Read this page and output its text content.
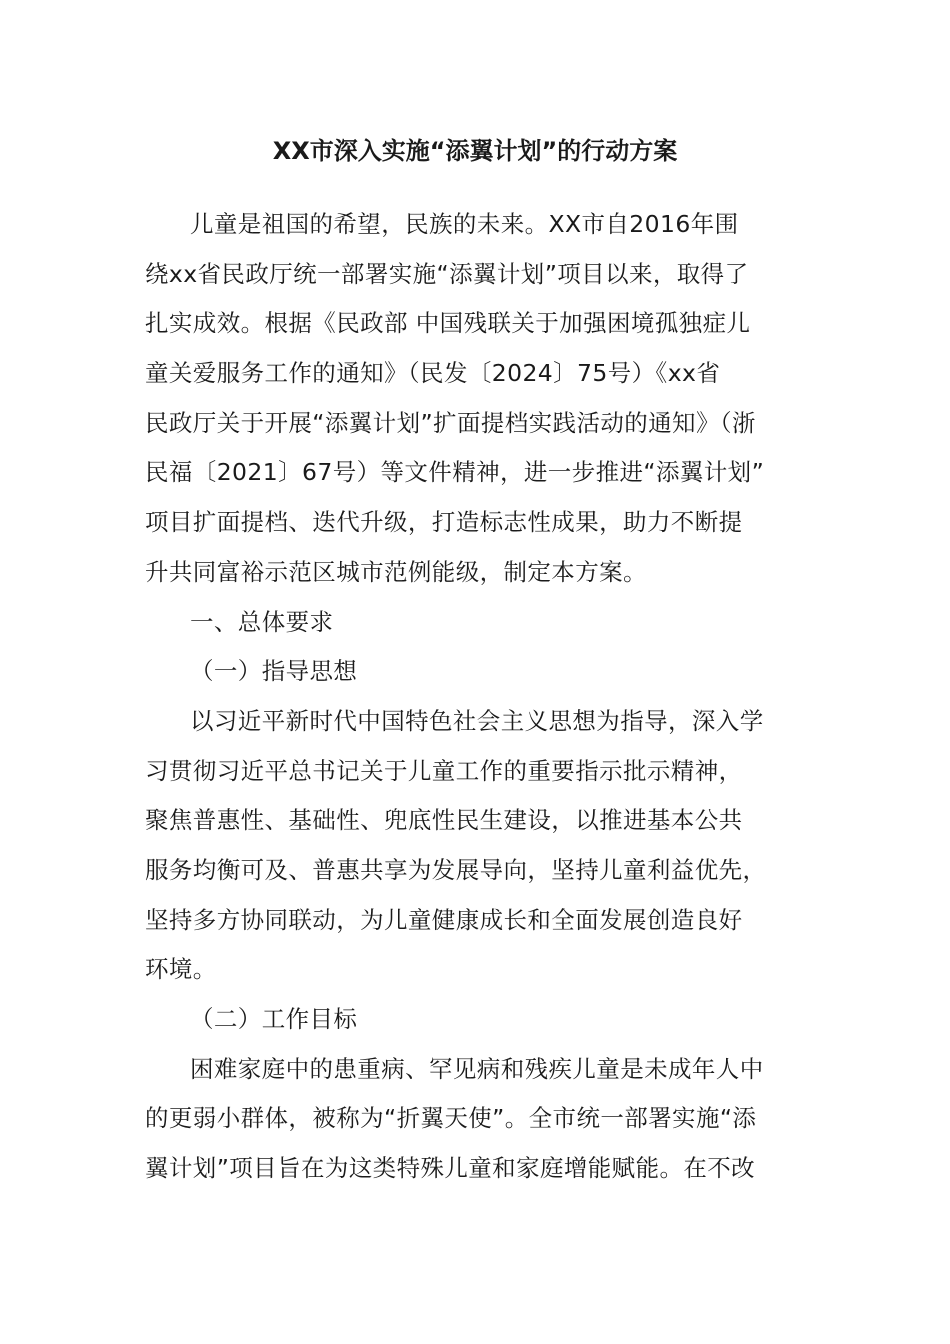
XX市深入实施“添翼计划”的行动方案
儿童是祖国的希望，民族的未来。XX市自2016年围
绕xx省民政厅统一部署实施“添翼计划”项目以来，取得了
扎实成效。根据《民政部 中国残联关于加强困境孤独症儿
童关爱服务工作的通知》（民发〔2024〕75号）《xx省
民政厅关于开展“添翼计划”扩面提档实践活动的通知》（浙
民福〔2021〕67号）等文件精神，进一步推进“添翼计划”
项目扩面提档、迭代升级，打造标志性成果，助力不断提
升共同富裕示范区城市范例能级，制定本方案。
一、总体要求
（一）指导思想
以习近平新时代中国特色社会主义思想为指导，深入学
习贯彻习近平总书记关于儿童工作的重要指示批示精神，
聚焦普惠性、基础性、兜底性民生建设，以推进基本公共
服务均衡可及、普惠共享为发展导向，坚持儿童利益优先，
坚持多方协同联动，为儿童健康成长和全面发展创造良好
环境。
（二）工作目标
困难家庭中的患重病、罕见病和残疾儿童是未成年人中
的更弱小群体，被称为“折翼天使”。全市统一部署实施“添
翼计划”项目旨在为这类特殊儿童和家庭增能赋能。在不改
